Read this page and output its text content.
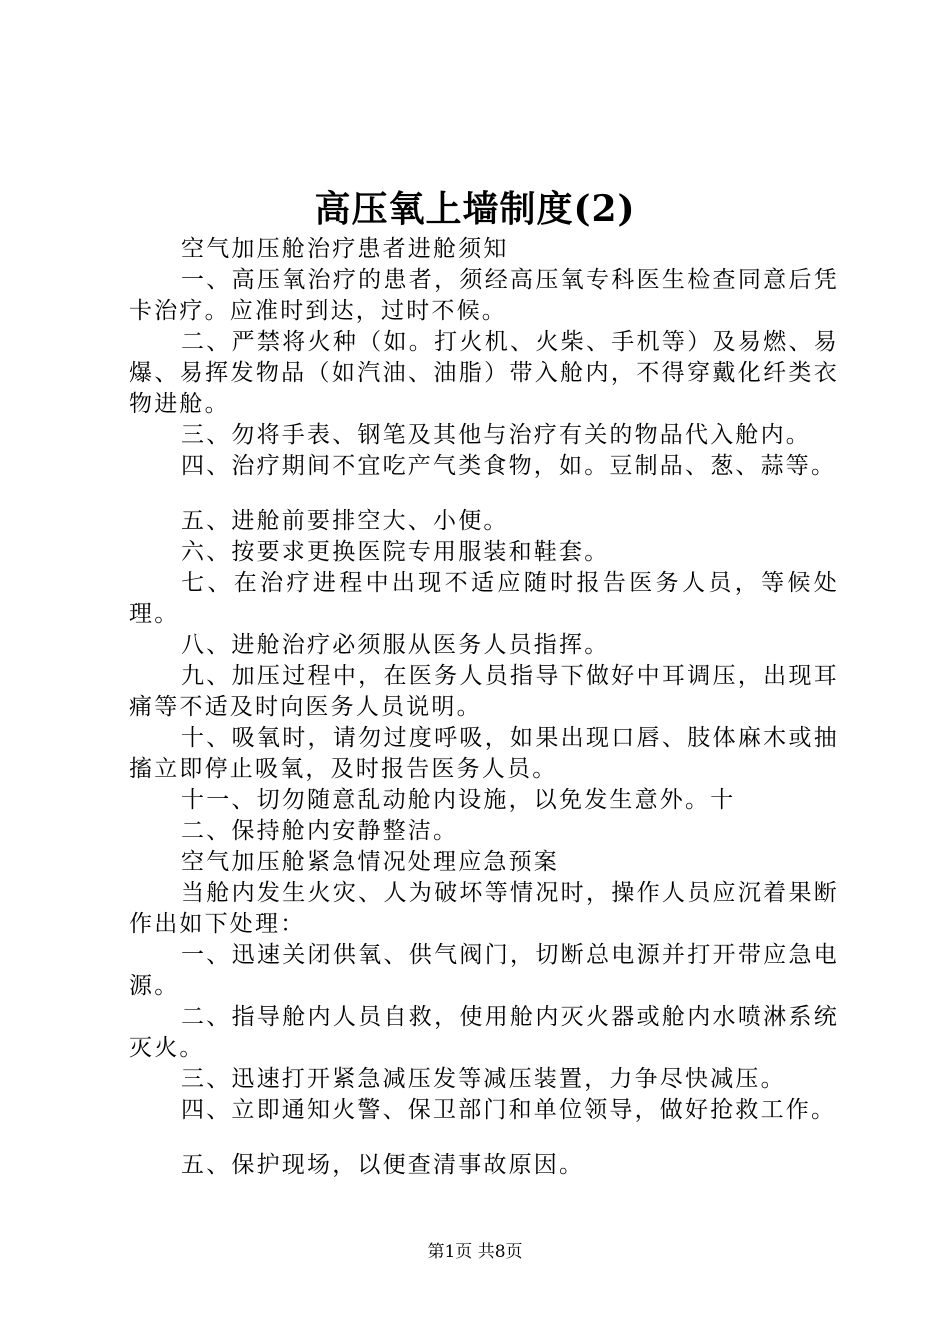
高压氧上墙制度(2)

空气加压舱治疗患者进舱须知

一、高压氧治疗的患者，须经高压氧专科医生检查同意后凭卡治疗。应准时到达，过时不候。

二、严禁将火种（如。打火机、火柴、手机等）及易燃、易爆、易挥发物品（如汽油、油脂）带入舱内，不得穿戴化纤类衣物进舱。

三、勿将手表、钢笔及其他与治疗有关的物品代入舱内。

四、治疗期间不宜吃产气类食物，如。豆制品、葱、蒜等。

五、进舱前要排空大、小便。

六、按要求更换医院专用服装和鞋套。

七、在治疗进程中出现不适应随时报告医务人员，等候处理。

八、进舱治疗必须服从医务人员指挥。

九、加压过程中，在医务人员指导下做好中耳调压，出现耳痛等不适及时向医务人员说明。

十、吸氧时，请勿过度呼吸，如果出现口唇、肢体麻木或抽搐立即停止吸氧，及时报告医务人员。

十一、切勿随意乱动舱内设施，以免发生意外。十

二、保持舱内安静整洁。

空气加压舱紧急情况处理应急预案

当舱内发生火灾、人为破坏等情况时，操作人员应沉着果断作出如下处理：

一、迅速关闭供氧、供气阀门，切断总电源并打开带应急电源。

二、指导舱内人员自救，使用舱内灭火器或舱内水喷淋系统灭火。

三、迅速打开紧急减压发等减压装置，力争尽快减压。

四、立即通知火警、保卫部门和单位领导，做好抢救工作。

五、保护现场，以便查清事故原因。

第1页 共8页
